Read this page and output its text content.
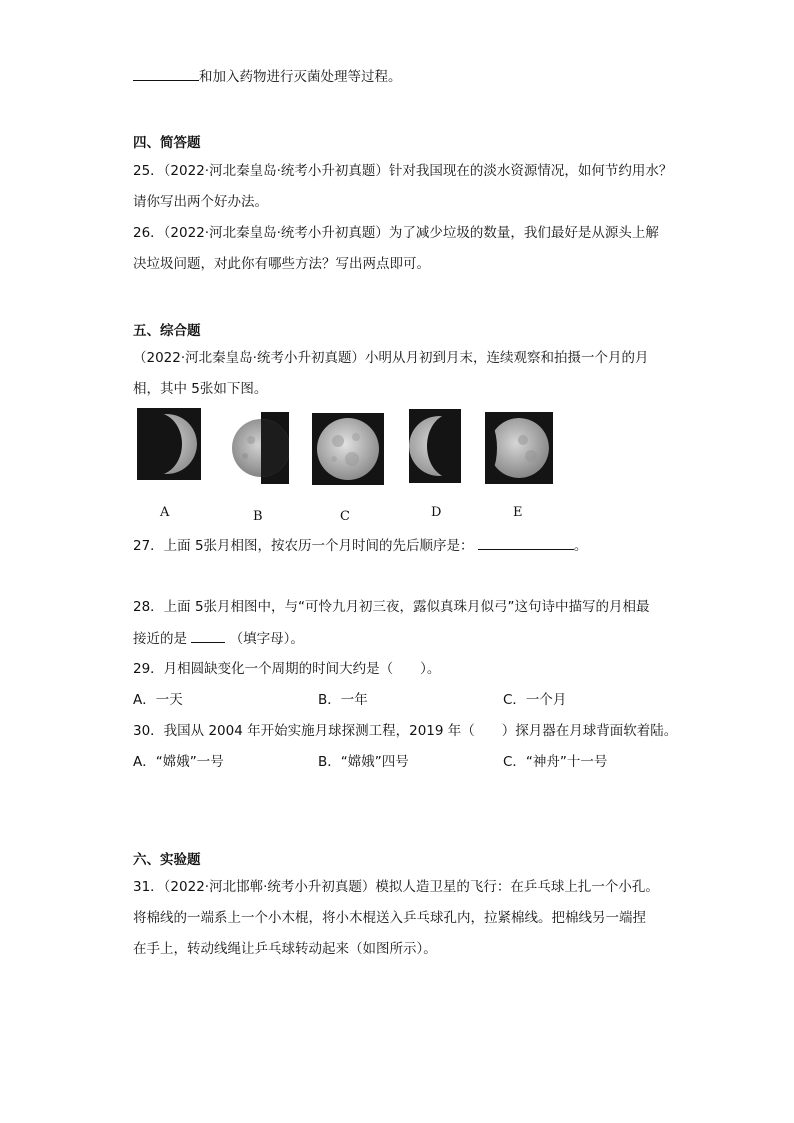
和加入药物进行灭菌处理等过程。
四、简答题
25．（2022·河北秦皇岛·统考小升初真题）针对我国现在的淡水资源情况，如何节约用水？
请你写出两个好办法。
26．（2022·河北秦皇岛·统考小升初真题）为了减少垃圾的数量，我们最好是从源头上解
决垃圾问题，对此你有哪些方法？写出两点即可。
五、综合题
（2022·河北秦皇岛·统考小升初真题）小明从月初到月末，连续观察和拍摄一个月的月
相，其中 5张如下图。
A	B	C	D	E
27．上面 5张月相图，按农历一个月时间的先后顺序是：	。
28．上面 5张月相图中，与“可怜九月初三夜，露似真珠月似弓”这句诗中描写的月相最
接近的是	（填字母）。
29．月相圆缺变化一个周期的时间大约是（　　）。
A．一天	B．一年	C．一个月
30．我国从 2004 年开始实施月球探测工程，2019 年（　　）探月器在月球背面软着陆。
A．“嫦娥”一号	B．“嫦娥”四号	C．“神舟”十一号
六、实验题
31．（2022·河北邯郸·统考小升初真题）模拟人造卫星的飞行：在乒乓球上扎一个小孔。
将棉线的一端系上一个小木棍，将小木棍送入乒乓球孔内，拉紧棉线。把棉线另一端捏
在手上，转动线绳让乒乓球转动起来（如图所示）。
